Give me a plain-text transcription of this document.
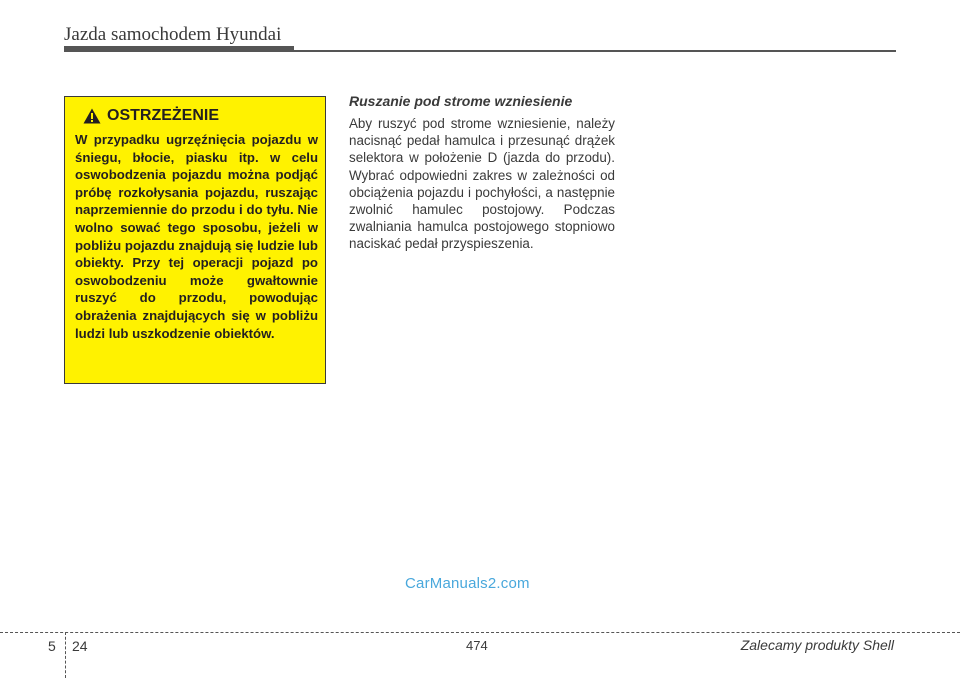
Jazda samochodem Hyundai
OSTRZEŻENIE

W przypadku ugrzęźnięcia pojazdu w śniegu, błocie, piasku itp. w celu oswobodzenia pojazdu można podjąć próbę rozkołysania pojazdu, ruszając naprzemiennie do przodu i do tyłu. Nie wolno sować tego sposobu, jeżeli w pobliżu pojazdu znajdują się ludzie lub obiekty. Przy tej operacji pojazd po oswobodzeniu może gwałtownie ruszyć do przodu, powodując obrażenia znajdujących się w pobliżu ludzi lub uszkodzenie obiektów.

Ruszanie pod strome wzniesienie

Aby ruszyć pod strome wzniesienie, należy nacisnąć pedał hamulca i przesunąć drążek selektora w położenie D (jazda do przodu). Wybrać odpowiedni zakres w zależności od obciążenia pojazdu i pochyłości, a następnie zwolnić hamulec postojowy. Podczas zwalniania hamulca postojowego stopniowo naciskać pedał przyspieszenia.

CarManuals2.com
5 24	474	Zalecamy produkty Shell
